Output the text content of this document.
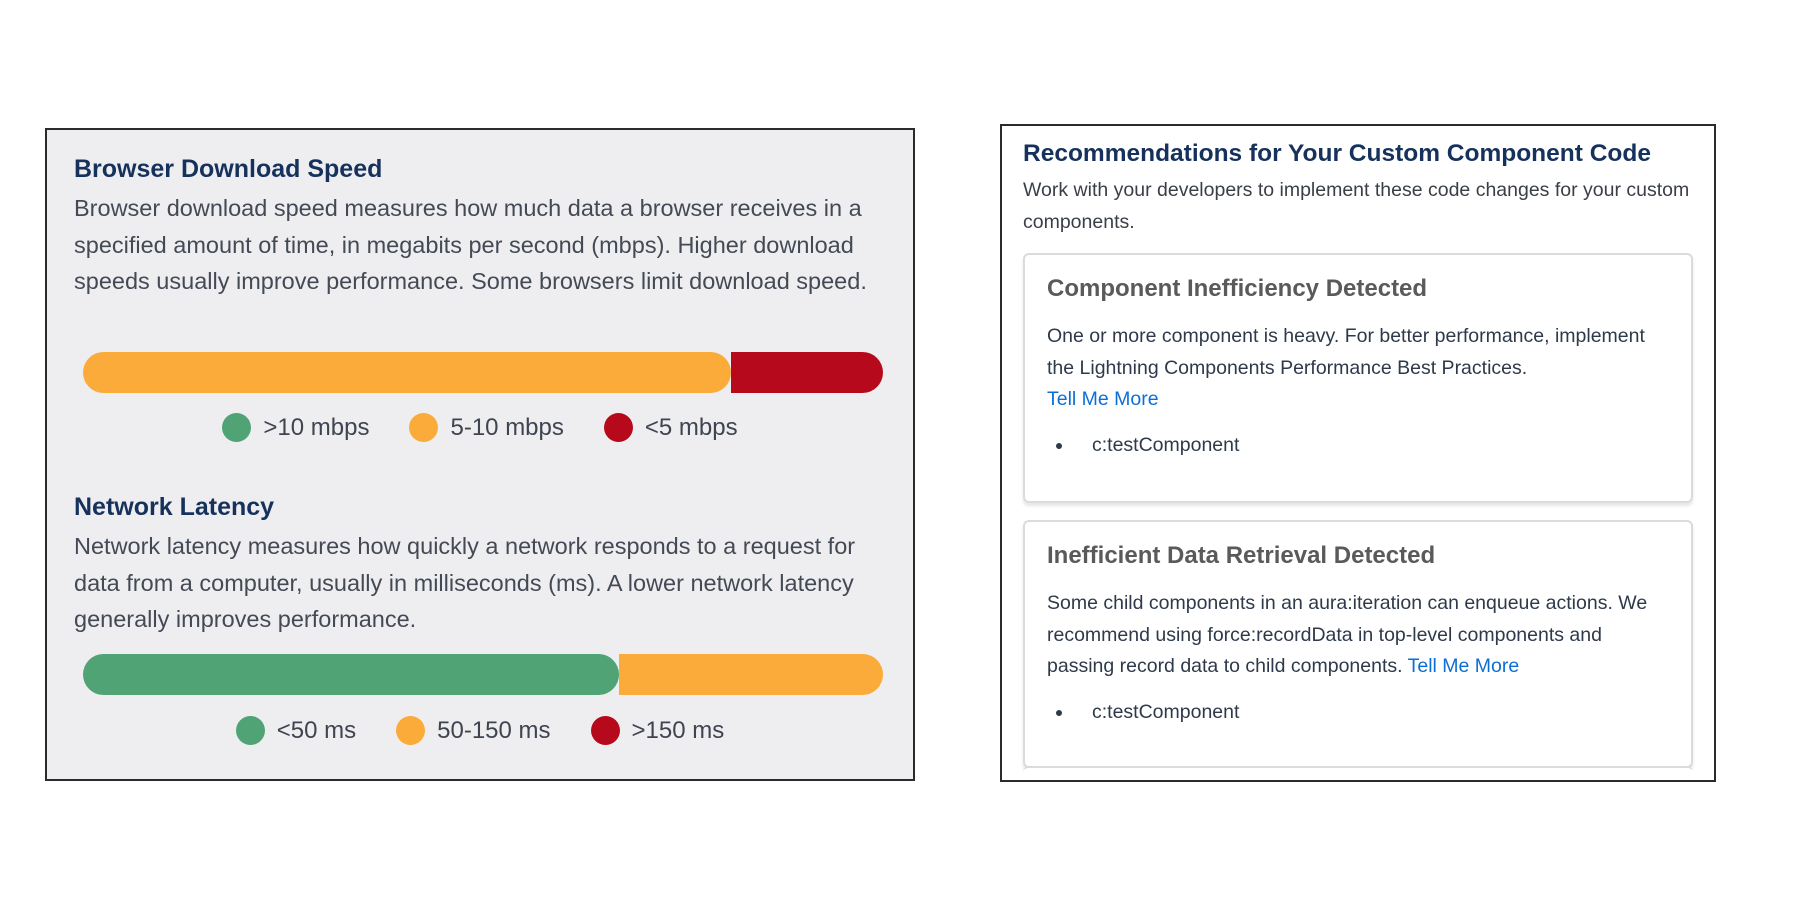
Browser Download Speed

Browser download speed measures how much data a browser receives in a specified amount of time, in megabits per second (mbps). Higher download speeds usually improve performance. Some browsers limit download speed.

>10 mbps	5-10 mbps	<5 mbps
Network Latency

Network latency measures how quickly a network responds to a request for data from a computer, usually in milliseconds (ms). A lower network latency generally improves performance.

<50 ms	50-150 ms	>150 ms
Recommendations for Your Custom Component Code

Work with your developers to implement these code changes for your custom components.

Component Inefficiency Detected

One or more component is heavy. For better performance, implement the Lightning Components Performance Best Practices.
Tell Me More

• c:testComponent
Inefficient Data Retrieval Detected

Some child components in an aura:iteration can enqueue actions. We recommend using force:recordData in top-level components and passing record data to child components. Tell Me More

• c:testComponent
